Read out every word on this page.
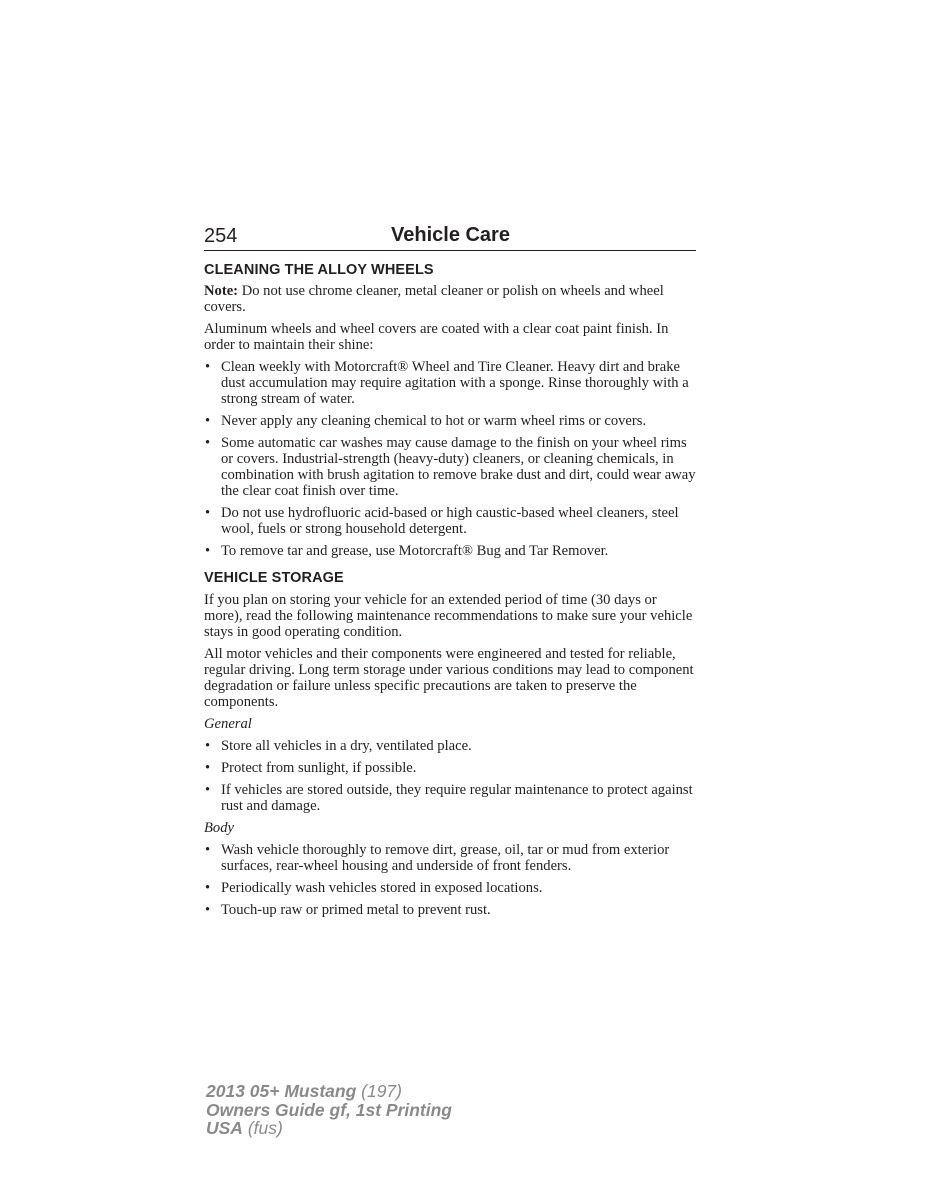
254	Vehicle Care
CLEANING THE ALLOY WHEELS

Note: Do not use chrome cleaner, metal cleaner or polish on wheels and wheel covers.

Aluminum wheels and wheel covers are coated with a clear coat paint finish. In order to maintain their shine:

• Clean weekly with Motorcraft® Wheel and Tire Cleaner. Heavy dirt and brake dust accumulation may require agitation with a sponge. Rinse thoroughly with a strong stream of water.
• Never apply any cleaning chemical to hot or warm wheel rims or covers.
• Some automatic car washes may cause damage to the finish on your wheel rims or covers. Industrial-strength (heavy-duty) cleaners, or cleaning chemicals, in combination with brush agitation to remove brake dust and dirt, could wear away the clear coat finish over time.
• Do not use hydrofluoric acid-based or high caustic-based wheel cleaners, steel wool, fuels or strong household detergent.
• To remove tar and grease, use Motorcraft® Bug and Tar Remover.
VEHICLE STORAGE

If you plan on storing your vehicle for an extended period of time (30 days or more), read the following maintenance recommendations to make sure your vehicle stays in good operating condition.

All motor vehicles and their components were engineered and tested for reliable, regular driving. Long term storage under various conditions may lead to component degradation or failure unless specific precautions are taken to preserve the components.

General

• Store all vehicles in a dry, ventilated place.
• Protect from sunlight, if possible.
• If vehicles are stored outside, they require regular maintenance to protect against rust and damage.

Body

• Wash vehicle thoroughly to remove dirt, grease, oil, tar or mud from exterior surfaces, rear-wheel housing and underside of front fenders.
• Periodically wash vehicles stored in exposed locations.
• Touch-up raw or primed metal to prevent rust.
2013 05+ Mustang (197)
Owners Guide gf, 1st Printing
USA (fus)
